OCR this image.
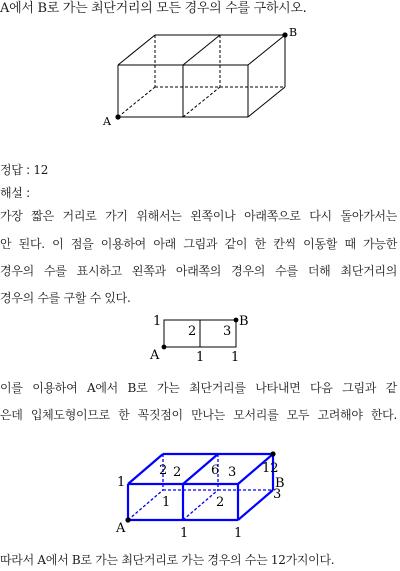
A에서 B로 가는 최단거리의 모든 경우의 수를 구하시오.
A
B
정답 : 12
해설 :
가장 짧은 거리로 가기 위해서는 왼쪽이나 아래쪽으로 다시 돌아가서는
안 된다. 이 점을 이용하여 아래 그림과 같이 한 칸씩 이동할 때 가능한
경우의 수를 표시하고 왼쪽과 아래쪽의 경우의 수를 더해 최단거리의
경우의 수를 구할 수 있다.
1
2 3
B
A	1 1
이를 이용하여 A에서 B로 가는 최단거리를 나타내면 다음 그림과 같
은데 입체도형이므로 한 꼭짓점이 만나는 모서리를 모두 고려해야 한다.
2	6	12
B
1
2	3
1	2
3
A	1	1
따라서 A에서 B로 가는 최단거리로 가는 경우의 수는 12가지이다.
